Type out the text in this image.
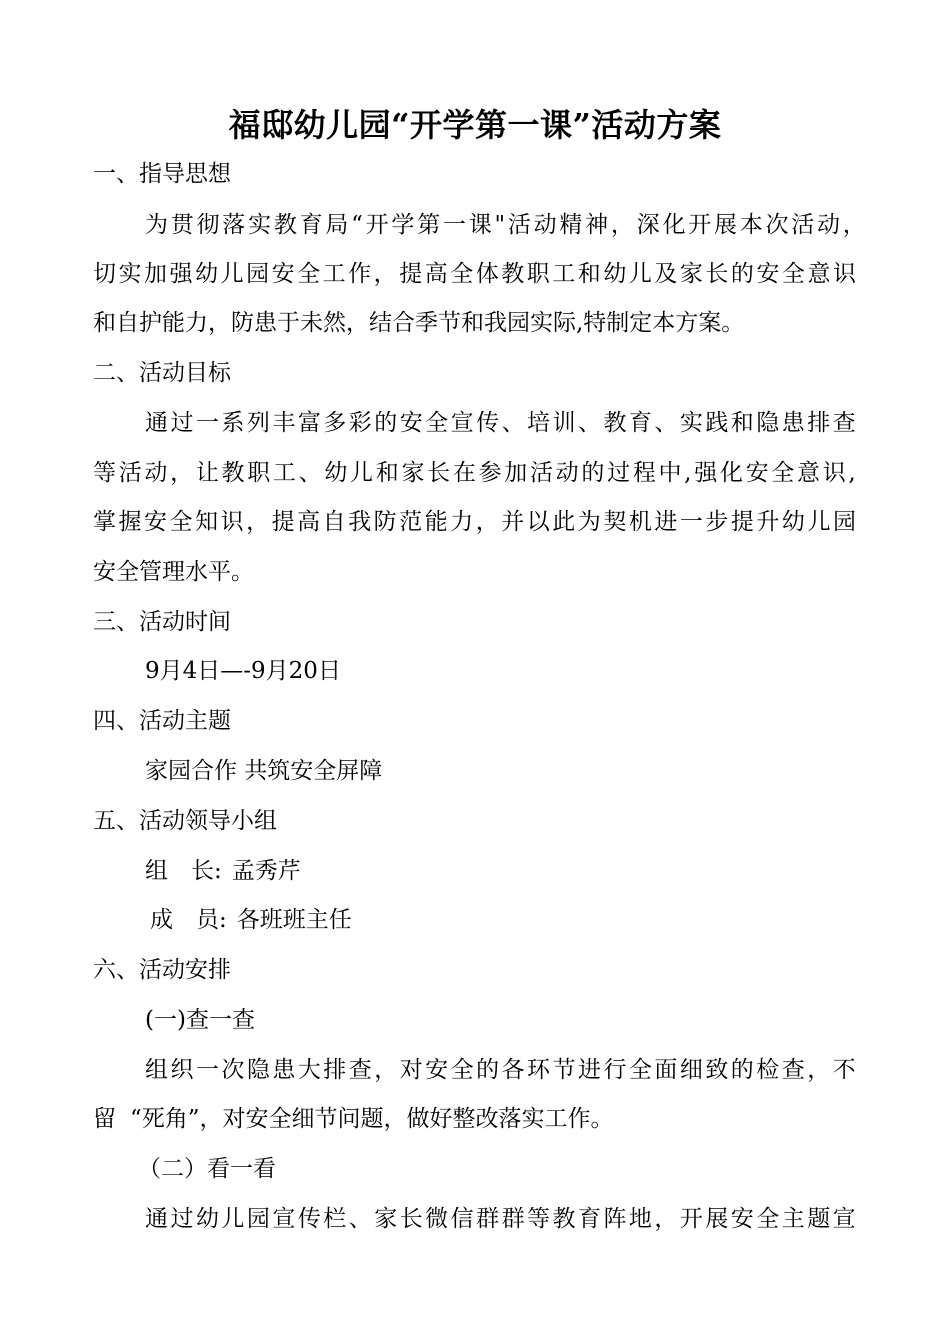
福邸幼儿园“开学第一课”活动方案
一、指导思想
为 贯 彻 落 实 教 育 局 “ 开 学 第 一 课 " 活 动 精 神 ， 深 化 开 展 本 次 活 动 ，
切 实 加 强 幼 儿 园 安 全 工 作 ， 提 高 全 体 教 职 工 和 幼 儿 及 家 长 的 安 全 意 识
和自护能力，防患于未然，结合季节和我园实际,特制定本方案。
二、活动目标
通 过 一 系 列 丰 富 多 彩 的 安 全 宣 传 、 培 训 、 教 育 、 实 践 和 隐 患 排 查
等 活 动 ， 让 教 职 工 、 幼 儿 和 家 长 在 参 加 活 动 的 过 程 中 , 强 化 安 全 意 识 ,
掌 握 安 全 知 识 ， 提 高 自 我 防 范 能 力 ， 并 以 此 为 契 机 进 一 步 提 升 幼 儿 园
安全管理水平。
三、活动时间
9月4日—-9月20日
四、活动主题
家园合作 共筑安全屏障
五、活动领导小组
组　长: 孟秀芹
成　员: 各班班主任
六、活动安排
(一)查一查
组 织 一 次 隐 患 大 排 查 ， 对 安 全 的 各 环 节 进 行 全 面 细 致 的 检 查 ， 不
留 “死角”，对安全细节问题，做好整改落实工作。
（二）看一看
通 过 幼 儿 园 宣 传 栏 、 家 长 微 信 群 群 等 教 育 阵 地 ， 开 展 安 全 主 题 宣
